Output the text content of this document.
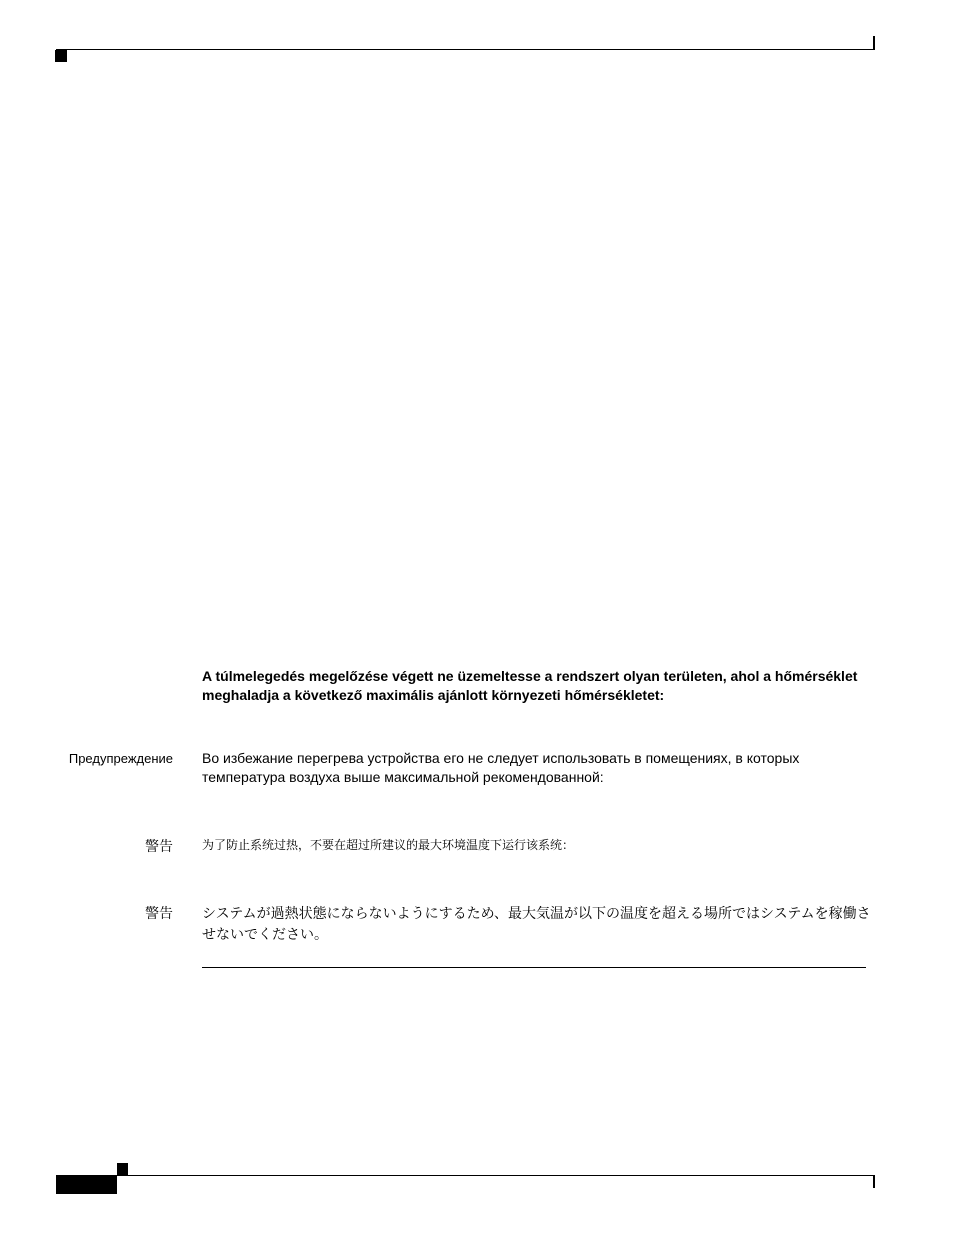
A túlmelegedés megelőzése végett ne üzemeltesse a rendszert olyan területen, ahol a hőmérséklet meghaladja a következő maximális ajánlott környezeti hőmérsékletet:
Предупреждение Во избежание перегрева устройства его не следует использовать в помещениях, в которых температура воздуха выше максимальной рекомендованной:
警告 为了防止系统过热，不要在超过所建议的最大环境温度下运行该系统：
警告 システムが過熱状態にならないようにするため、最大気温が以下の温度を超える場所ではシステムを稼働させないでください。
